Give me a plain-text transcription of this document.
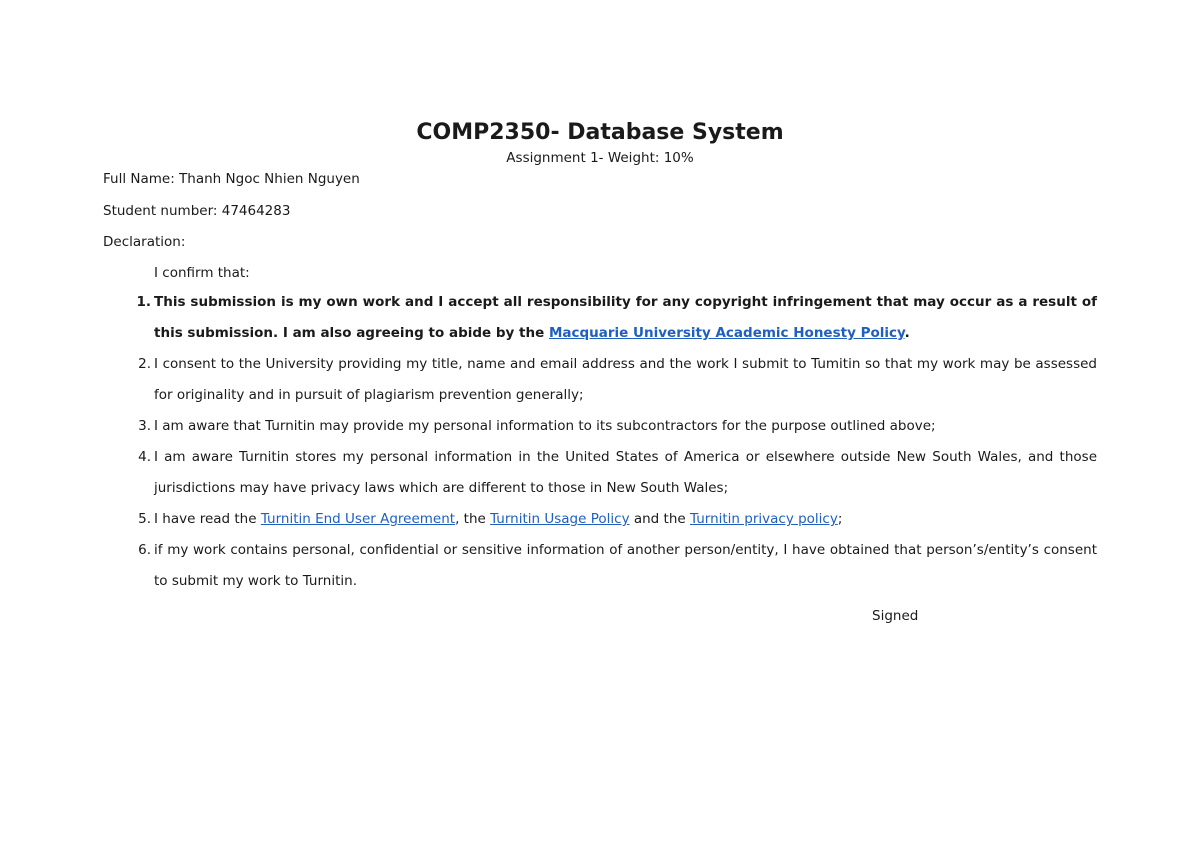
COMP2350- Database System
Assignment 1- Weight: 10%
Full Name: Thanh Ngoc Nhien Nguyen
Student number: 47464283
Declaration:
I confirm that:
1. This submission is my own work and I accept all responsibility for any copyright infringement that may occur as a result of this submission. I am also agreeing to abide by the Macquarie University Academic Honesty Policy.
2. I consent to the University providing my title, name and email address and the work I submit to Tumitin so that my work may be assessed for originality and in pursuit of plagiarism prevention generally;
3. I am aware that Turnitin may provide my personal information to its subcontractors for the purpose outlined above;
4. I am aware Turnitin stores my personal information in the United States of America or elsewhere outside New South Wales, and those jurisdictions may have privacy laws which are different to those in New South Wales;
5. I have read the Turnitin End User Agreement, the Turnitin Usage Policy and the Turnitin privacy policy;
6. if my work contains personal, confidential or sensitive information of another person/entity, I have obtained that person’s/entity’s consent to submit my work to Turnitin.
Signed
